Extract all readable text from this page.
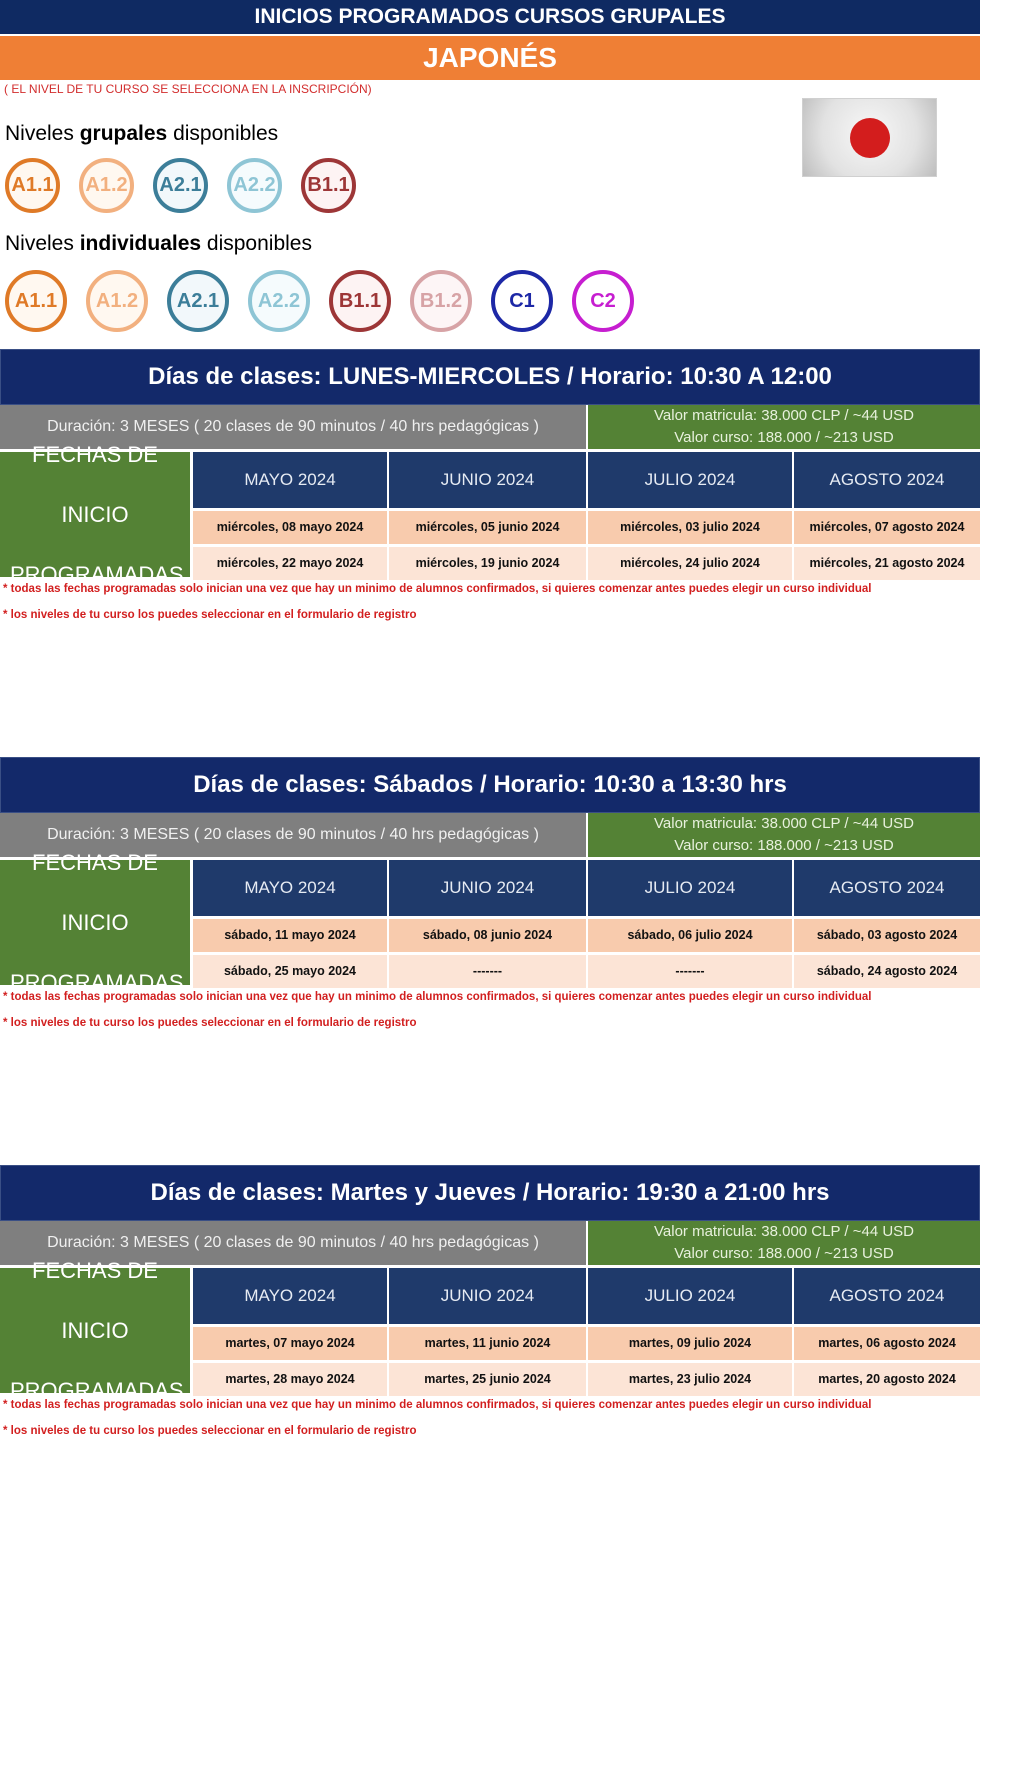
INICIOS PROGRAMADOS CURSOS GRUPALES
JAPONÉS
( EL NIVEL DE TU CURSO SE SELECCIONA EN LA INSCRIPCIÓN)
Niveles grupales disponibles
A1.1	A1.2	A2.1	A2.2	B1.1
Niveles individuales disponibles
A1.1	A1.2	A2.1	A2.2	B1.1	B1.2	C1	C2
Días de clases: LUNES-MIERCOLES / Horario: 10:30 A 12:00
Duración: 3 MESES ( 20 clases de 90 minutos / 40 hrs pedagógicas )
Valor matricula: 38.000 CLP / ~44 USD
Valor curso: 188.000 / ~213 USD
FECHAS DE

INICIO

PROGRAMADAS
MAYO 2024	JUNIO 2024	JULIO 2024	AGOSTO 2024
miércoles, 08 mayo 2024	miércoles, 05 junio 2024	miércoles, 03 julio 2024	miércoles, 07 agosto 2024
miércoles, 22 mayo 2024	miércoles, 19 junio 2024	miércoles, 24 julio 2024	miércoles, 21 agosto 2024
* todas las fechas programadas solo inician una vez que hay un minimo de alumnos confirmados, si quieres comenzar antes puedes elegir un curso individual
* los niveles de tu curso los puedes seleccionar en el formulario de registro
Días de clases: Sábados / Horario: 10:30 a 13:30 hrs
Duración: 3 MESES ( 20 clases de 90 minutos / 40 hrs pedagógicas )
Valor matricula: 38.000 CLP / ~44 USD
Valor curso: 188.000 / ~213 USD
FECHAS DE

INICIO

PROGRAMADAS
MAYO 2024	JUNIO 2024	JULIO 2024	AGOSTO 2024
sábado, 11 mayo 2024	sábado, 08 junio 2024	sábado, 06 julio 2024	sábado, 03 agosto 2024
sábado, 25 mayo 2024	-------	-------	sábado, 24 agosto 2024
* todas las fechas programadas solo inician una vez que hay un minimo de alumnos confirmados, si quieres comenzar antes puedes elegir un curso individual
* los niveles de tu curso los puedes seleccionar en el formulario de registro
Días de clases: Martes y Jueves / Horario: 19:30 a 21:00 hrs
Duración: 3 MESES ( 20 clases de 90 minutos / 40 hrs pedagógicas )
Valor matricula: 38.000 CLP / ~44 USD
Valor curso: 188.000 / ~213 USD
FECHAS DE

INICIO

PROGRAMADAS
MAYO 2024	JUNIO 2024	JULIO 2024	AGOSTO 2024
martes, 07 mayo 2024	martes, 11 junio 2024	martes, 09 julio 2024	martes, 06 agosto 2024
martes, 28 mayo 2024	martes, 25 junio 2024	martes, 23 julio 2024	martes, 20 agosto 2024
* todas las fechas programadas solo inician una vez que hay un minimo de alumnos confirmados, si quieres comenzar antes puedes elegir un curso individual
* los niveles de tu curso los puedes seleccionar en el formulario de registro
